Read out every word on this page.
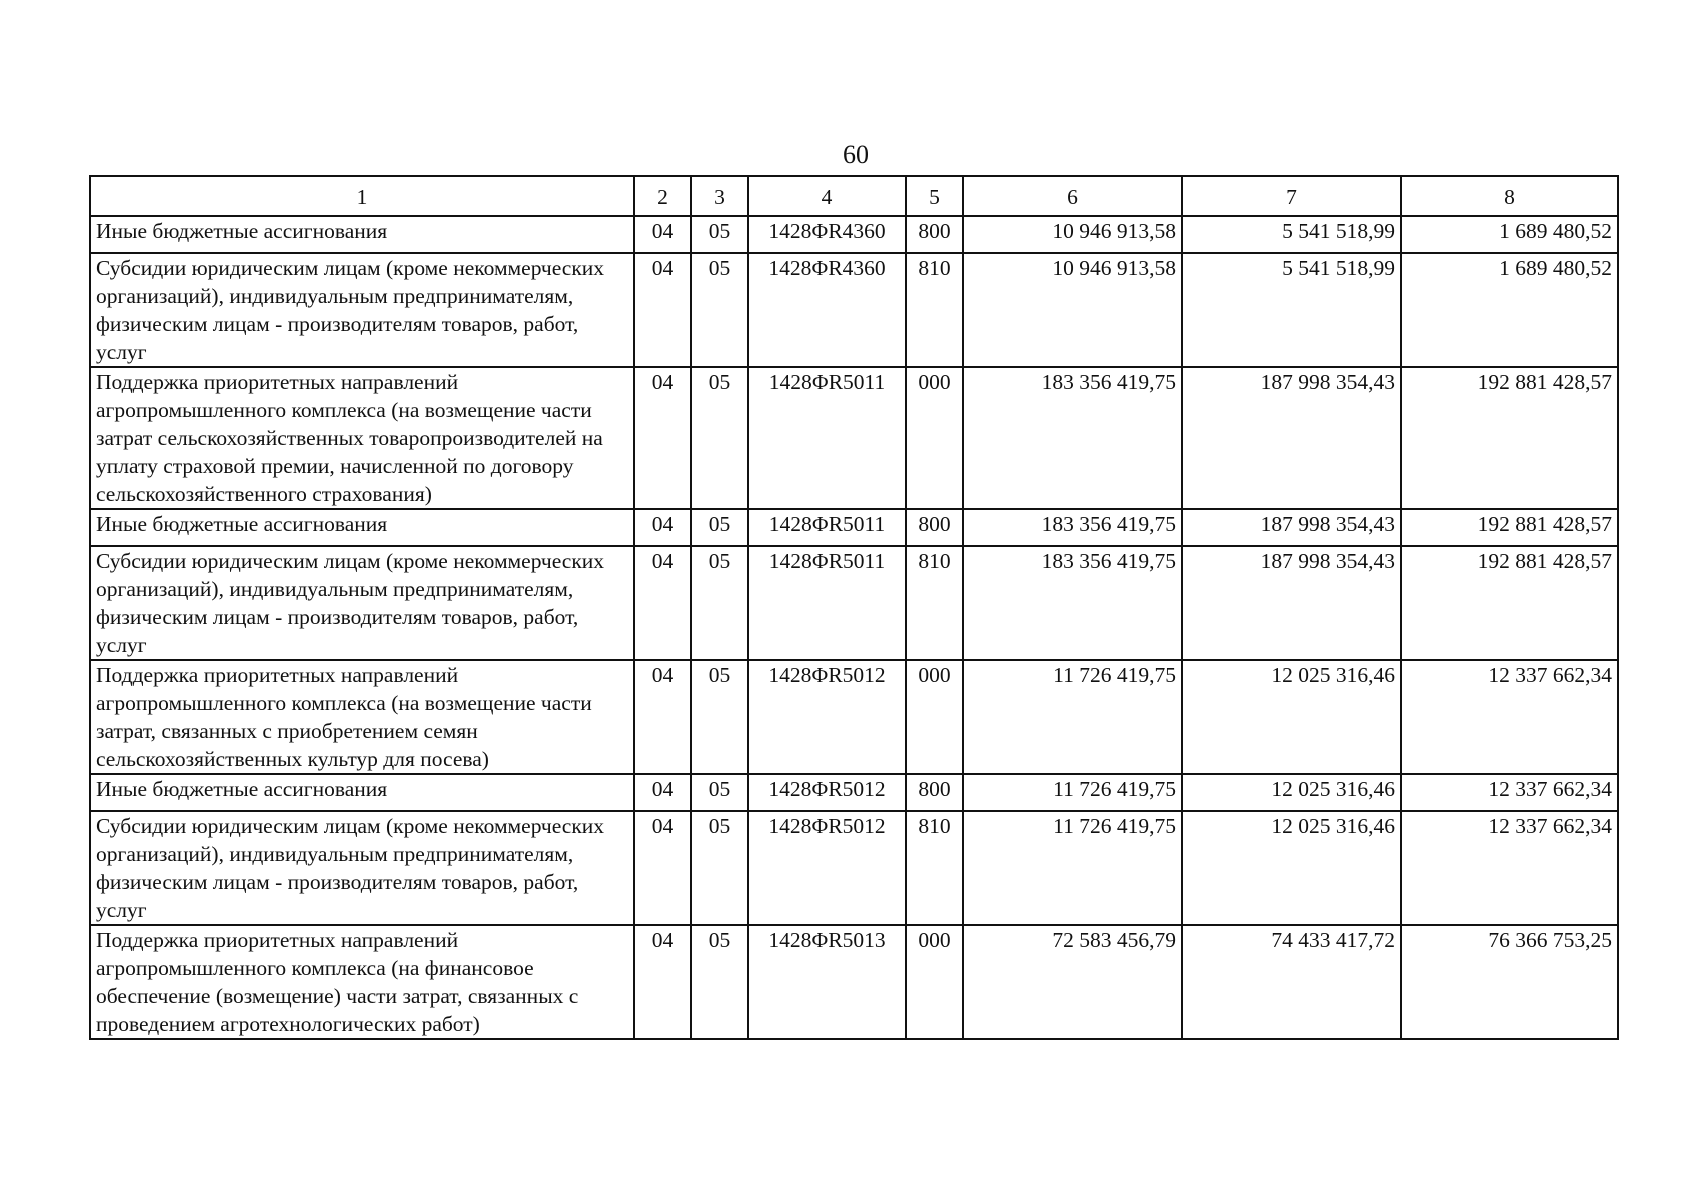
60
1	2	3	4	5	6	7	8
Иные бюджетные ассигнования	04	05	1428ФR4360	800	10 946 913,58	5 541 518,99	1 689 480,52
Субсидии юридическим лицам (кроме некоммерческих организаций), индивидуальным предпринимателям, физическим лицам - производителям товаров, работ, услуг	04	05	1428ФR4360	810	10 946 913,58	5 541 518,99	1 689 480,52
Поддержка приоритетных направлений агропромышленного комплекса (на возмещение части затрат сельскохозяйственных товаропроизводителей на уплату страховой премии, начисленной по договору сельскохозяйственного страхования)	04	05	1428ФR5011	000	183 356 419,75	187 998 354,43	192 881 428,57
Иные бюджетные ассигнования	04	05	1428ФR5011	800	183 356 419,75	187 998 354,43	192 881 428,57
Субсидии юридическим лицам (кроме некоммерческих организаций), индивидуальным предпринимателям, физическим лицам - производителям товаров, работ, услуг	04	05	1428ФR5011	810	183 356 419,75	187 998 354,43	192 881 428,57
Поддержка приоритетных направлений агропромышленного комплекса (на возмещение части затрат, связанных с приобретением семян сельскохозяйственных культур для посева)	04	05	1428ФR5012	000	11 726 419,75	12 025 316,46	12 337 662,34
Иные бюджетные ассигнования	04	05	1428ФR5012	800	11 726 419,75	12 025 316,46	12 337 662,34
Субсидии юридическим лицам (кроме некоммерческих организаций), индивидуальным предпринимателям, физическим лицам - производителям товаров, работ, услуг	04	05	1428ФR5012	810	11 726 419,75	12 025 316,46	12 337 662,34
Поддержка приоритетных направлений агропромышленного комплекса (на финансовое обеспечение (возмещение) части затрат, связанных с проведением агротехнологических работ)	04	05	1428ФR5013	000	72 583 456,79	74 433 417,72	76 366 753,25
